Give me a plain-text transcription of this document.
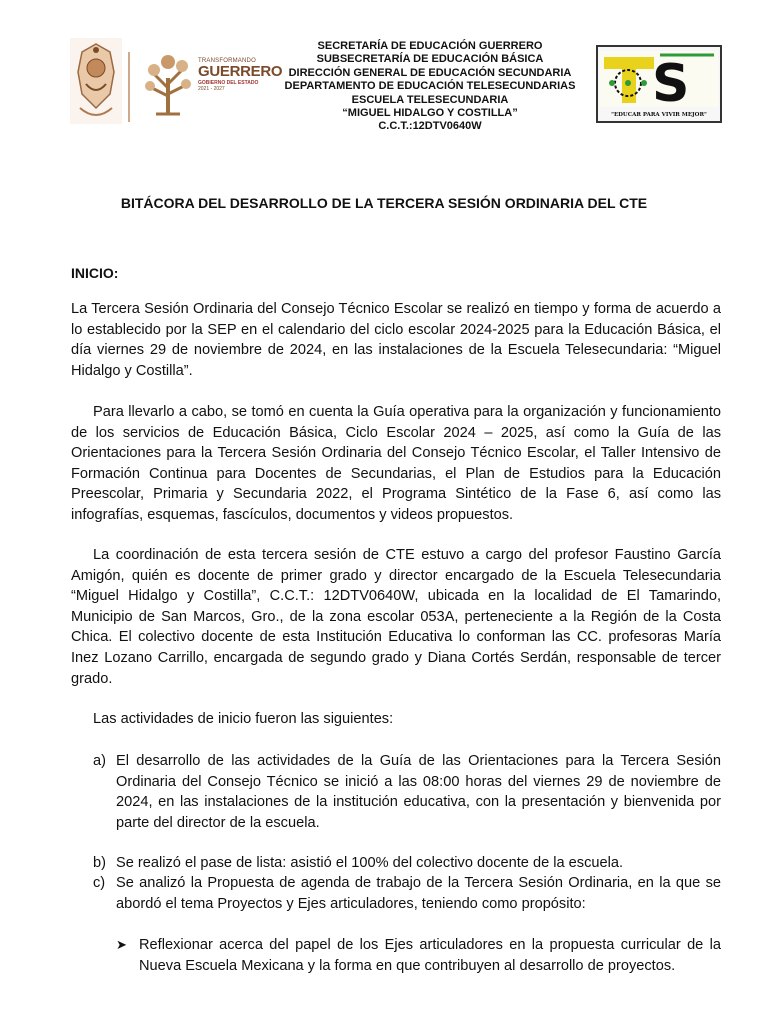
TRANSFORMANDO
GUERRERO
GOBIERNO DEL ESTADO
2021 - 2027
SECRETARÍA DE EDUCACIÓN GUERRERO
SUBSECRETARÍA DE EDUCACIÓN BÁSICA
DIRECCIÓN GENERAL DE EDUCACIÓN SECUNDARIA
DEPARTAMENTO DE EDUCACIÓN TELESECUNDARIAS
ESCUELA TELESECUNDARIA
“MIGUEL HIDALGO Y COSTILLA”
C.C.T.:12DTV0640W
S
"EDUCAR PARA VIVIR MEJOR"
BITÁCORA DEL DESARROLLO DE LA TERCERA SESIÓN ORDINARIA DEL CTE
INICIO:
La Tercera Sesión Ordinaria del Consejo Técnico Escolar se realizó en tiempo y forma de acuerdo a lo establecido por la SEP en el calendario del ciclo escolar 2024-2025 para la Educación Básica, el día viernes 29 de noviembre de 2024, en las instalaciones de la Escuela Telesecundaria: “Miguel Hidalgo y Costilla”.
Para llevarlo a cabo, se tomó en cuenta la Guía operativa para la organización y funcionamiento de los servicios de Educación Básica, Ciclo Escolar 2024 – 2025, así como la Guía de las Orientaciones para la Tercera Sesión Ordinaria del Consejo Técnico Escolar, el Taller Intensivo de Formación Continua para Docentes de Secundarias, el Plan de Estudios para la Educación Preescolar, Primaria y Secundaria 2022, el Programa Sintético de la Fase 6, así como las infografías, esquemas, fascículos, documentos y videos propuestos.
La coordinación de esta tercera sesión de CTE estuvo a cargo del profesor Faustino García Amigón, quién es docente de primer grado y director encargado de la Escuela Telesecundaria “Miguel Hidalgo y Costilla”, C.C.T.: 12DTV0640W, ubicada en la localidad de El Tamarindo, Municipio de San Marcos, Gro., de la zona escolar 053A, perteneciente a la Región de la Costa Chica. El colectivo docente de esta Institución Educativa lo conforman las CC. profesoras María Inez Lozano Carrillo, encargada de segundo grado y Diana Cortés Serdán, responsable de tercer grado.
Las actividades de inicio fueron las siguientes:
a) El desarrollo de las actividades de la Guía de las Orientaciones para la Tercera Sesión Ordinaria del Consejo Técnico se inició a las 08:00 horas del viernes 29 de noviembre de 2024, en las instalaciones de la institución educativa, con la presentación y bienvenida por parte del director de la escuela.
b) Se realizó el pase de lista: asistió el 100% del colectivo docente de la escuela.
c) Se analizó la Propuesta de agenda de trabajo de la Tercera Sesión Ordinaria, en la que se abordó el tema Proyectos y Ejes articuladores, teniendo como propósito:
➤ Reflexionar acerca del papel de los Ejes articuladores en la propuesta curricular de la Nueva Escuela Mexicana y la forma en que contribuyen al desarrollo de proyectos.
